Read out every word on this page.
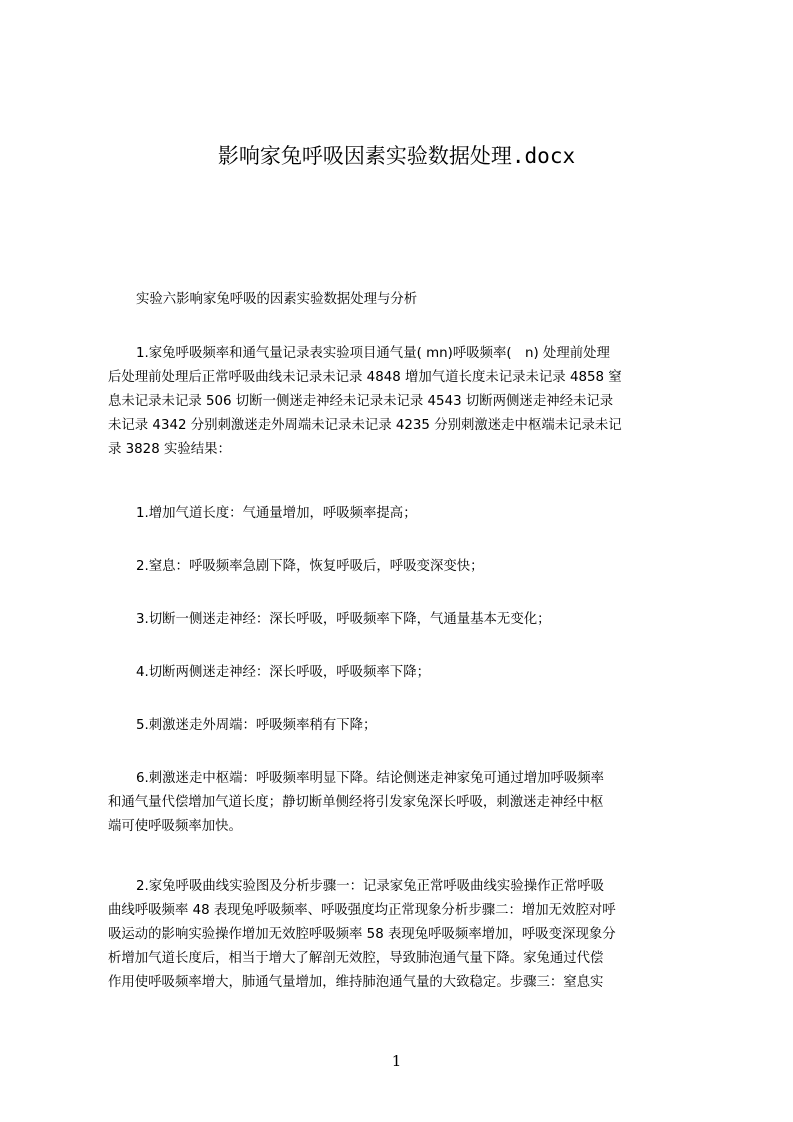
影响家兔呼吸因素实验数据处理.docx
实验六影响家兔呼吸的因素实验数据处理与分析
1.家兔呼吸频率和通气量记录表实验项目通气量( mn)呼吸频率(　n) 处理前处理
后处理前处理后正常呼吸曲线未记录未记录 4848 增加气道长度未记录未记录 4858 窒
息未记录未记录 506 切断一侧迷走神经未记录未记录 4543 切断两侧迷走神经未记录
未记录 4342 分别刺激迷走外周端未记录未记录 4235 分别刺激迷走中枢端未记录未记
录 3828 实验结果：
1.增加气道长度：气通量增加，呼吸频率提高；
2.窒息：呼吸频率急剧下降，恢复呼吸后，呼吸变深变快；
3.切断一侧迷走神经：深长呼吸，呼吸频率下降，气通量基本无变化；
4.切断两侧迷走神经：深长呼吸，呼吸频率下降；
5.刺激迷走外周端：呼吸频率稍有下降；
6.刺激迷走中枢端：呼吸频率明显下降。结论侧迷走神家兔可通过增加呼吸频率
和通气量代偿增加气道长度；静切断单侧经将引发家兔深长呼吸，刺激迷走神经中枢
端可使呼吸频率加快。
2.家兔呼吸曲线实验图及分析步骤一：记录家兔正常呼吸曲线实验操作正常呼吸
曲线呼吸频率 48 表现兔呼吸频率、呼吸强度均正常现象分析步骤二：增加无效腔对呼
吸运动的影响实验操作增加无效腔呼吸频率 58 表现兔呼吸频率增加，呼吸变深现象分
析增加气道长度后，相当于增大了解剖无效腔，导致肺泡通气量下降。家兔通过代偿
作用使呼吸频率增大，肺通气量增加，维持肺泡通气量的大致稳定。步骤三：窒息实
1
